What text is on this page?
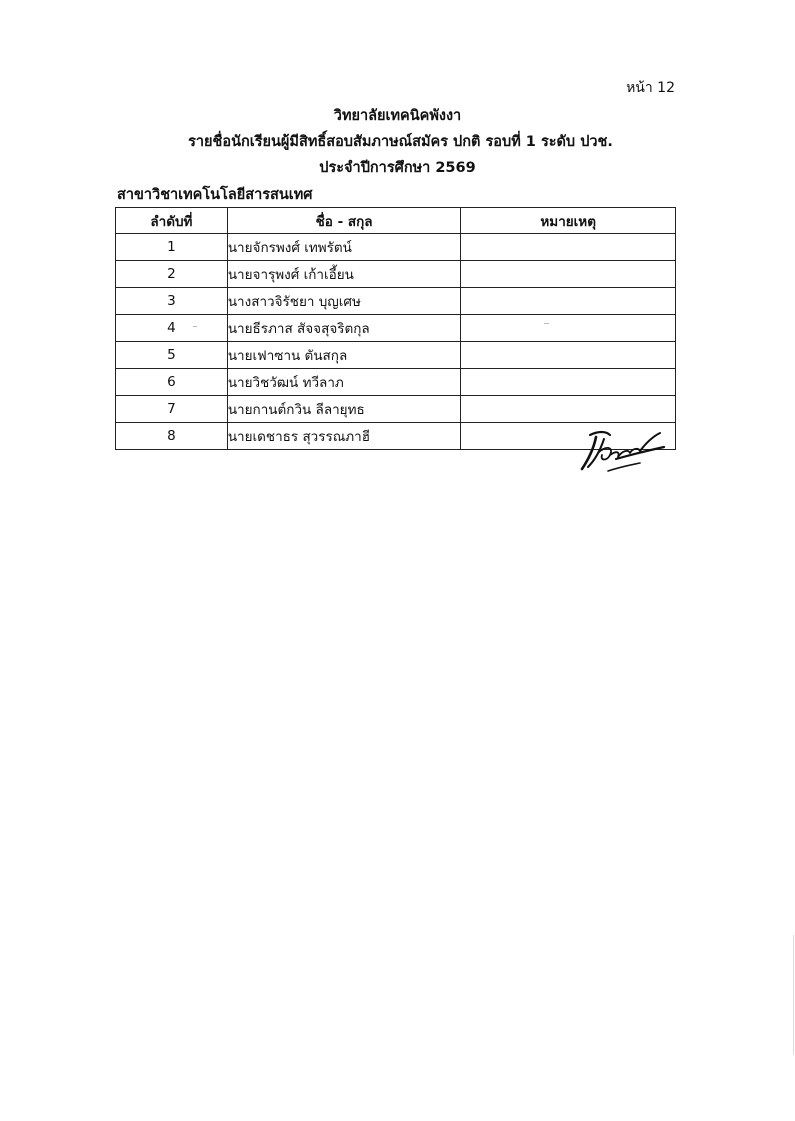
หน้า 12
วิทยาลัยเทคนิคพังงา
รายชื่อนักเรียนผู้มีสิทธิ์สอบสัมภาษณ์สมัคร ปกติ รอบที่ 1 ระดับ ปวช.
ประจำปีการศึกษา 2569
สาขาวิชาเทคโนโลยีสารสนเทศ
ลำดับที่	ชื่อ - สกุล	หมายเหตุ
1	นายจักรพงศ์ เทพรัตน์	
2	นายจารุพงศ์ เก้าเอี้ยน	
3	นางสาวจิรัชยา บุญเศษ	
4	นายธีรภาส สัจจสุจริตกุล	
5	นายเฟาซาน ตันสกุล	
6	นายวิชวัฒน์ ทวีลาภ	
7	นายกานต์กวิน ลีลายุทธ	
8	นายเดชาธร สุวรรณภาฮี	
